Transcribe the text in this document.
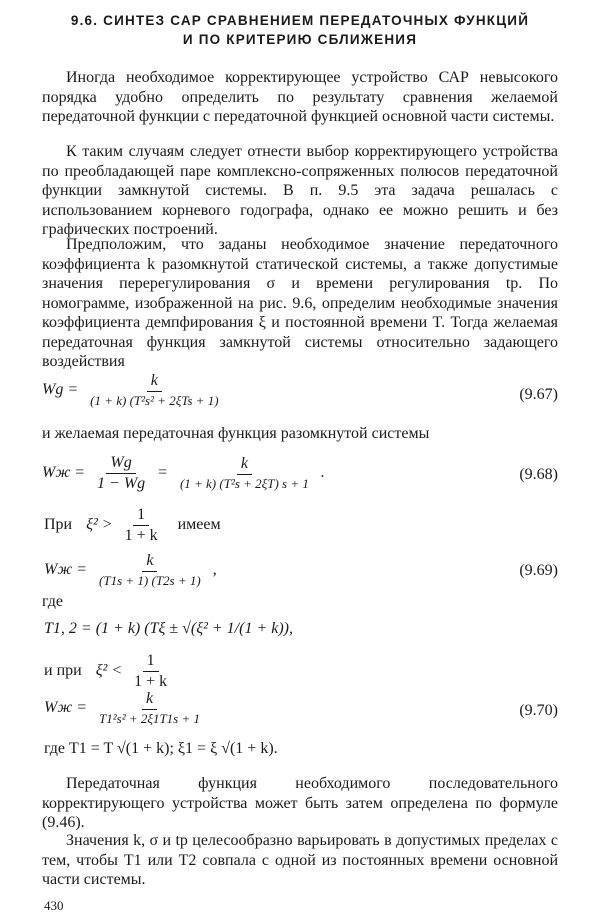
9.6. СИНТЕЗ САР СРАВНЕНИЕМ ПЕРЕДАТОЧНЫХ ФУНКЦИЙ
И ПО КРИТЕРИЮ СБЛИЖЕНИЯ

Иногда необходимое корректирующее устройство САР невысокого порядка удобно определить по результату сравнения желаемой передаточной функции с передаточной функцией основной части системы.

К таким случаям следует отнести выбор корректирующего устройства по преобладающей паре комплексно-сопряженных полюсов передаточной функции замкнутой системы. В п. 9.5 эта задача решалась с использованием корневого годографа, однако ее можно решить и без графических построений.

Предположим, что заданы необходимое значение передаточного коэффициента k разомкнутой статической системы, а также допустимые значения перерегулирования σ и времени регулирования tр. По номограмме, изображенной на рис. 9.6, определим необходимые значения коэффициента демпфирования ξ и постоянной времени T. Тогда желаемая передаточная функция замкнутой системы относительно задающего воздействия

$Wg = \frac{k}{\text{(1 + k) (T²s² + 2ξTs + 1)}}$	(9.67)

и желаемая передаточная функция разомкнутой системы

Wж = $\frac{Wg}{1 - Wg} = \frac{k}{\text{(1 + k) (T²s + 2ξT) s + 1}}$ .	(9.68)
При $\xi^2 > \frac{1}{1 + k}$ имеем
Wж = $\frac{k}{(T1s + 1) (T2s + 1)}$ ,	(9.69)

где

T1, 2 = (1 + k) (Tξ ± √(ξ² + 1/(1 + k)),
и при $\xi^2 < \frac{1}{1 + k}$
Wж = $\frac{k}{\text{T1²s² + 2ξ1T1s + 1}}$	(9.70)
где T1 = T √(1 + k); ξ1 = ξ √(1 + k).

Передаточная функция необходимого последовательного корректирующего устройства может быть затем определена по формуле (9.46).

Значения k, σ и tр целесообразно варьировать в допустимых пределах с тем, чтобы T1 или T2 совпала с одной из постоянных времени основной части системы.

430
